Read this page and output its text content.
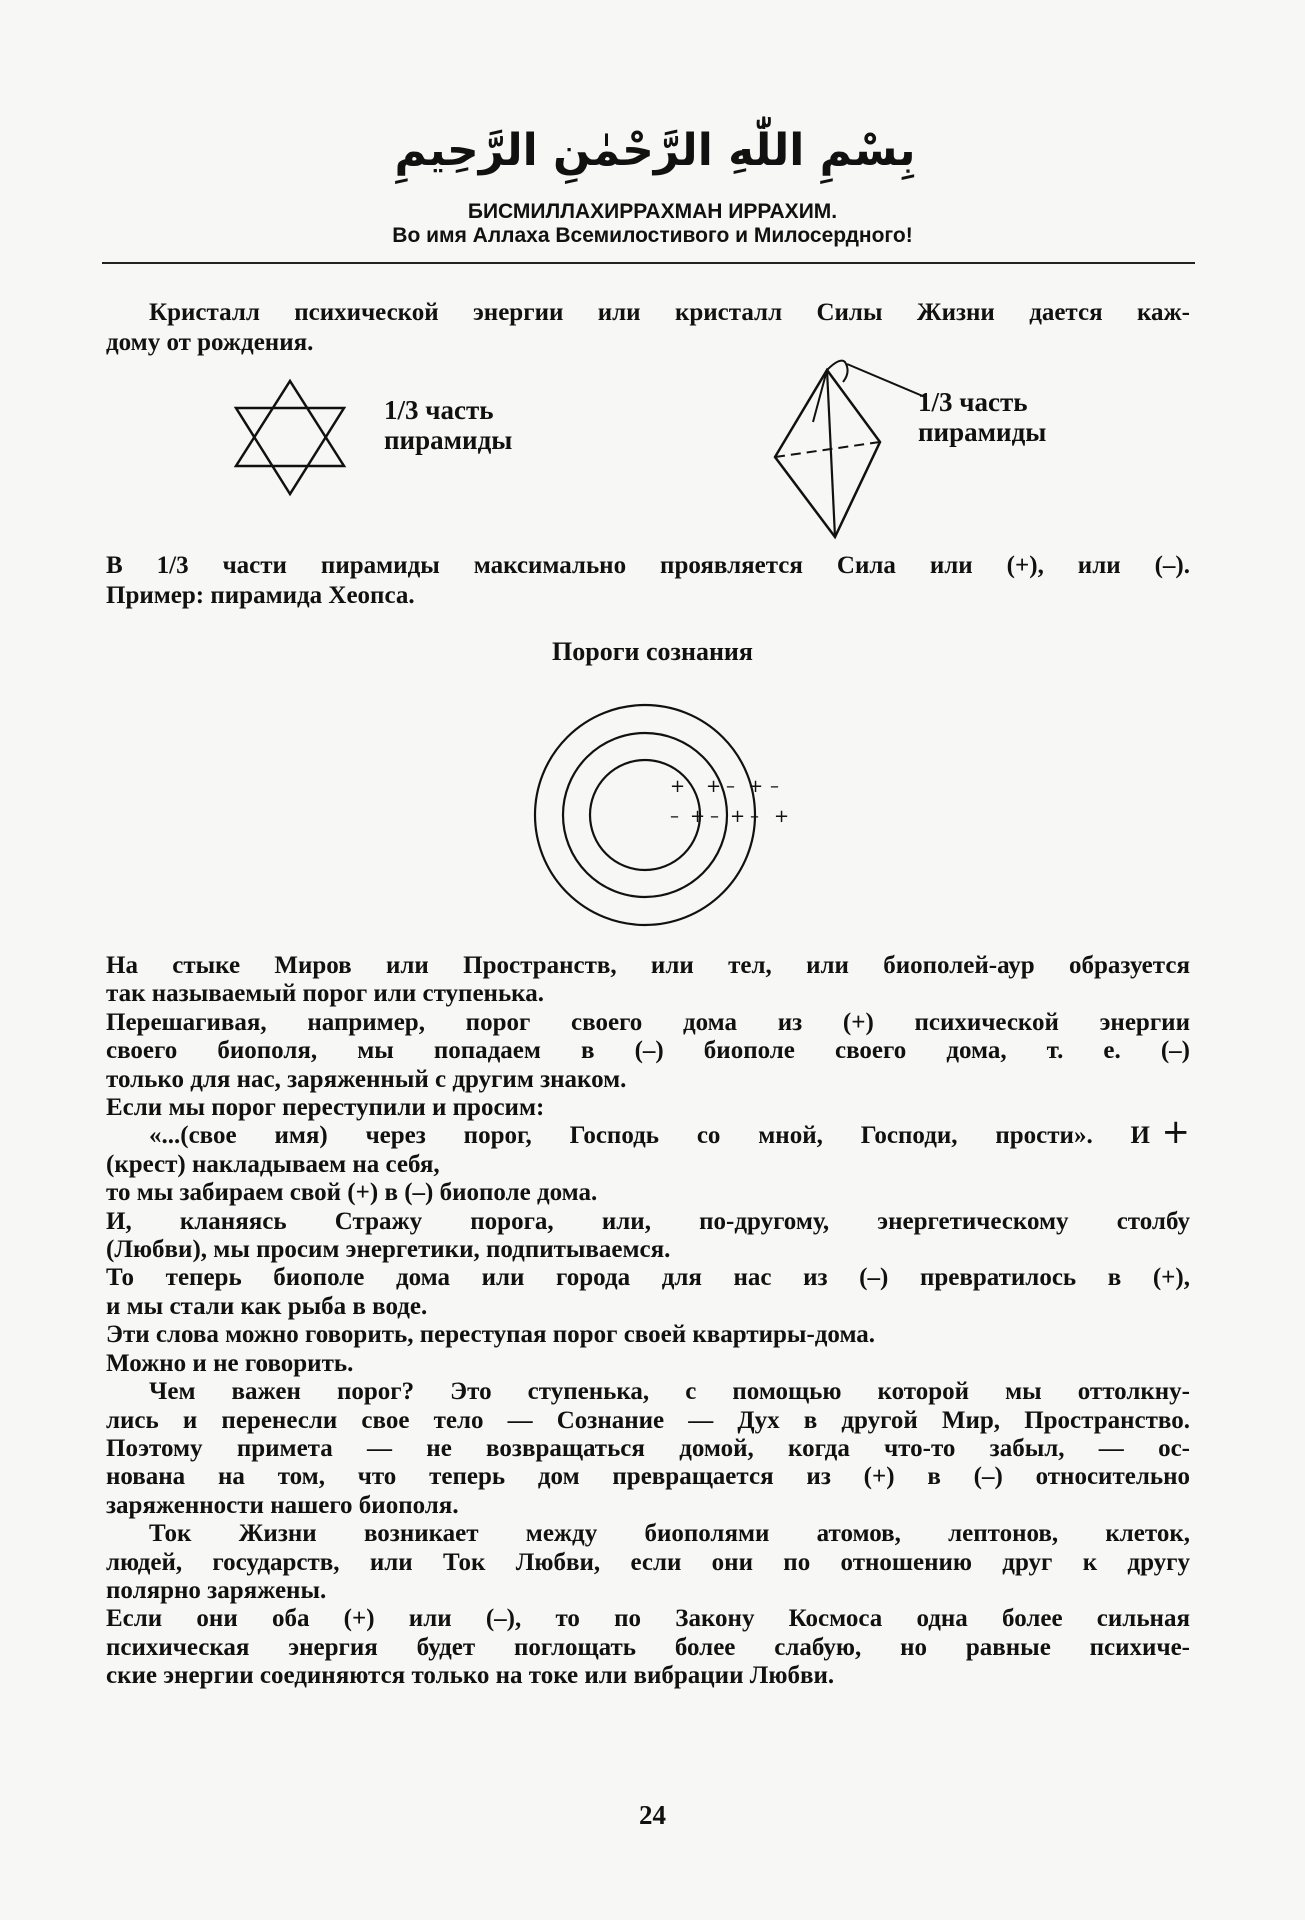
بِسْمِ اللّٰهِ الرَّحْمٰنِ الرَّحِيمِ
БИСМИЛЛАХИРРАХМАН ИРРАХИМ.
Во имя Аллаха Всемилостивого и Милосердного!
Кристалл психической энергии или кристалл Силы Жизни дается каж-
дому от рождения.
1/3 часть
пирамиды
1/3 часть
пирамиды
В 1/3 части пирамиды максимально проявляется Сила или (+), или (–).
Пример: пирамида Хеопса.
Пороги сознания
+ + – + –
– + – + – +
На стыке Миров или Пространств, или тел, или биополей-аур образуется
так называемый порог или ступенька.
Перешагивая, например, порог своего дома из (+) психической энергии
своего биополя, мы попадаем в (–) биополе своего дома, т. е. (–)
только для нас, заряженный с другим знаком.
Если мы порог переступили и просим:
«...(свое имя) через порог, Господь со мной, Господи, прости». И +
(крест) накладываем на себя,
то мы забираем свой (+) в (–) биополе дома.
И, кланяясь Стражу порога, или, по-другому, энергетическому столбу
(Любви), мы просим энергетики, подпитываемся.
То теперь биополе дома или города для нас из (–) превратилось в (+),
и мы стали как рыба в воде.
Эти слова можно говорить, переступая порог своей квартиры-дома.
Можно и не говорить.
Чем важен порог? Это ступенька, с помощью которой мы оттолкну-
лись и перенесли свое тело — Сознание — Дух в другой Мир, Пространство.
Поэтому примета — не возвращаться домой, когда что-то забыл, — ос-
нована на том, что теперь дом превращается из (+) в (–) относительно
заряженности нашего биополя.
Ток Жизни возникает между биополями атомов, лептонов, клеток,
людей, государств, или Ток Любви, если они по отношению друг к другу
полярно заряжены.
Если они оба (+) или (–), то по Закону Космоса одна более сильная
психическая энергия будет поглощать более слабую, но равные психиче-
ские энергии соединяются только на токе или вибрации Любви.
24
